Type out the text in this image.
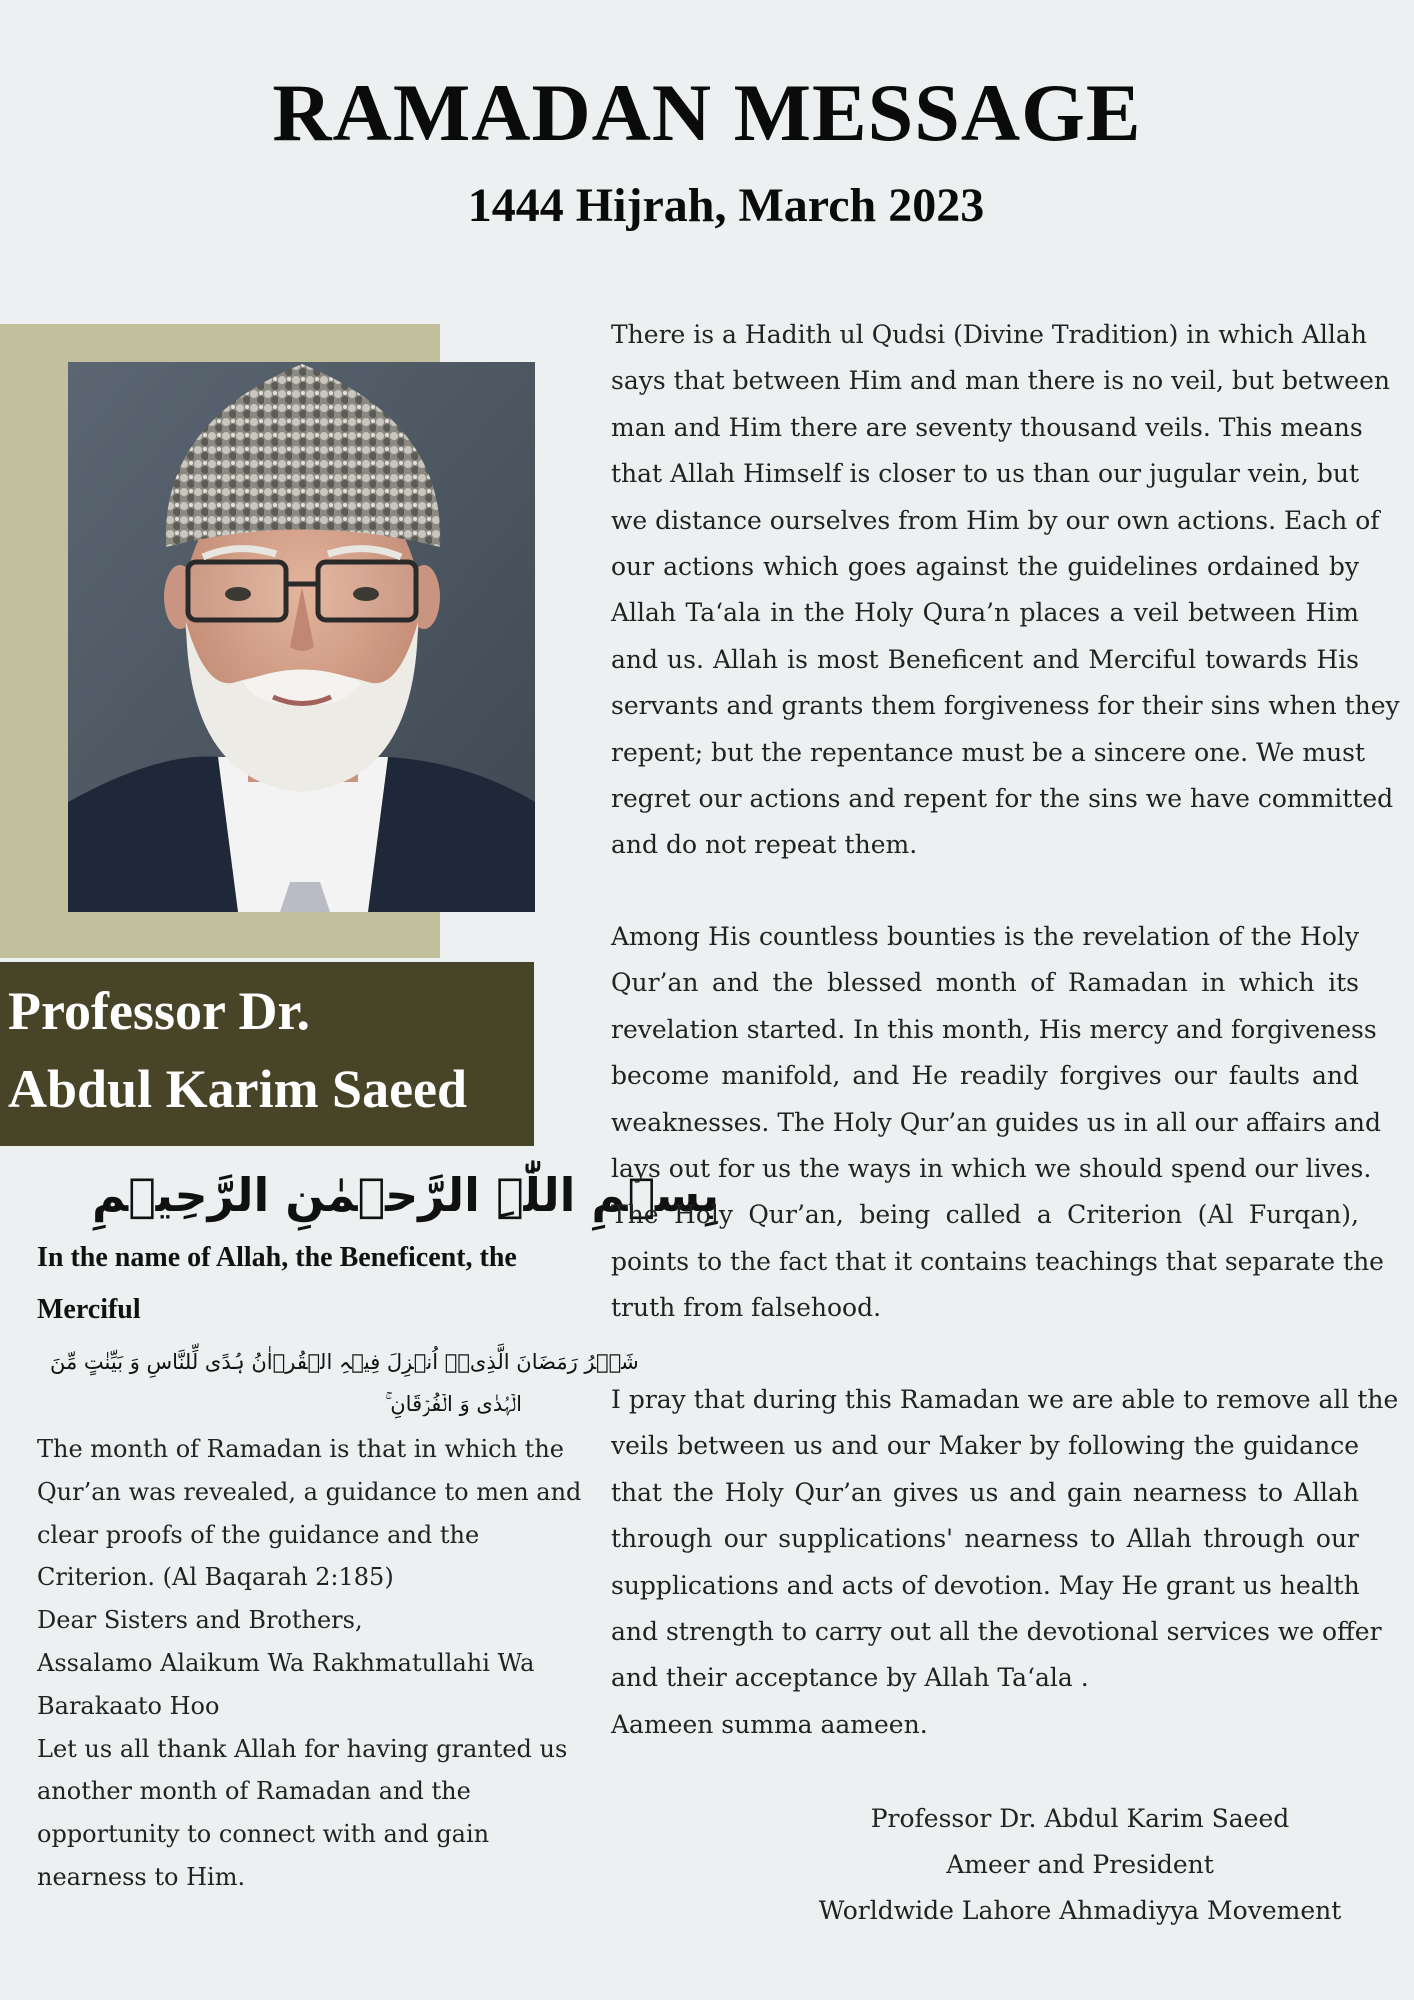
RAMADAN MESSAGE
1444 Hijrah, March 2023
Professor Dr.
Abdul Karim Saeed
بِسۡمِ اللّٰہِ الرَّحۡمٰنِ الرَّحِیۡمِ
In the name of Allah, the Beneficent, the
Merciful
شَہۡرُ رَمَضَانَ الَّذِیۡۤ اُنۡزِلَ فِیۡہِ الۡقُرۡاٰنُ ہُدًی لِّلنَّاسِ وَ بَیِّنٰتٍ مِّنَ
الۡہُدٰی وَ الۡفُرۡقَانِ ۚ
The month of Ramadan is that in which the
Qur’an was revealed, a guidance to men and
clear proofs of the guidance and the
Criterion. (Al Baqarah 2:185)
Dear Sisters and Brothers,
Assalamo Alaikum Wa Rakhmatullahi Wa
Barakaato Hoo
Let us all thank Allah for having granted us
another month of Ramadan and the
opportunity to connect with and gain
nearness to Him.
There is a Hadith ul Qudsi (Divine Tradition) in which Allah
says that between Him and man there is no veil, but between
man and Him there are seventy thousand veils. This means
that Allah Himself is closer to us than our jugular vein, but
we distance ourselves from Him by our own actions. Each of
our actions which goes against the guidelines ordained by
Allah Ta‘ala in the Holy Qura’n places a veil between Him
and us. Allah is most Beneficent and Merciful towards His
servants and grants them forgiveness for their sins when they
repent; but the repentance must be a sincere one. We must
regret our actions and repent for the sins we have committed
and do not repeat them.
Among His countless bounties is the revelation of the Holy
Qur’an and the blessed month of Ramadan in which its
revelation started. In this month, His mercy and forgiveness
become manifold, and He readily forgives our faults and
weaknesses. The Holy Qur’an guides us in all our affairs and
lays out for us the ways in which we should spend our lives.
The Holy Qur’an, being called a Criterion (Al Furqan),
points to the fact that it contains teachings that separate the
truth from falsehood.
I pray that during this Ramadan we are able to remove all the
veils between us and our Maker by following the guidance
that the Holy Qur’an gives us and gain nearness to Allah
through our supplications' nearness to Allah through our
supplications and acts of devotion. May He grant us health
and strength to carry out all the devotional services we offer
and their acceptance by Allah Ta‘ala .
Aameen summa aameen.
Professor Dr. Abdul Karim Saeed
Ameer and President
Worldwide Lahore Ahmadiyya Movement
